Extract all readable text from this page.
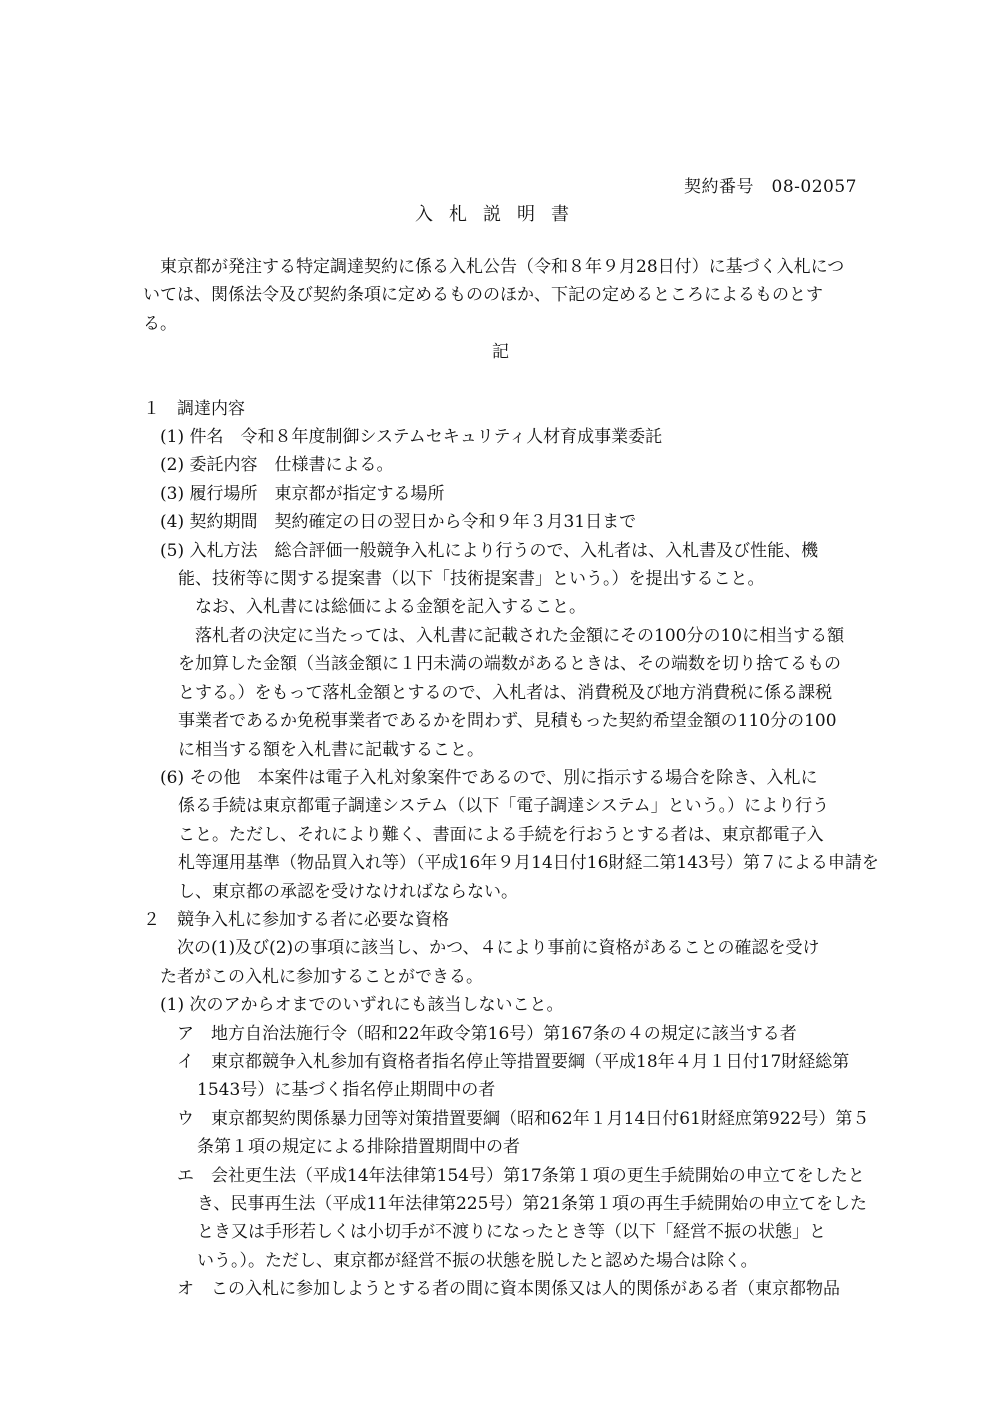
契約番号　08-02057
入札説明書

　東京都が発注する特定調達契約に係る入札公告（令和８年９月28日付）に基づく入札につ

いては、関係法令及び契約条項に定めるもののほか、下記の定めるところによるものとす

る。

記

１　調達内容

(1) 件名　令和８年度制御システムセキュリティ人材育成事業委託

(2) 委託内容　仕様書による。

(3) 履行場所　東京都が指定する場所

(4) 契約期間　契約確定の日の翌日から令和９年３月31日まで

(5) 入札方法　総合評価一般競争入札により行うので、入札者は、入札書及び性能、機

能、技術等に関する提案書（以下「技術提案書」という。）を提出すること。

　なお、入札書には総価による金額を記入すること。

　落札者の決定に当たっては、入札書に記載された金額にその100分の10に相当する額

を加算した金額（当該金額に１円未満の端数があるときは、その端数を切り捨てるもの

とする。）をもって落札金額とするので、入札者は、消費税及び地方消費税に係る課税

事業者であるか免税事業者であるかを問わず、見積もった契約希望金額の110分の100

に相当する額を入札書に記載すること。

(6) その他　本案件は電子入札対象案件であるので、別に指示する場合を除き、入札に

係る手続は東京都電子調達システム（以下「電子調達システム」という。）により行う

こと。ただし、それにより難く、書面による手続を行おうとする者は、東京都電子入

札等運用基準（物品買入れ等）（平成16年９月14日付16財経二第143号）第７による申請を

し、東京都の承認を受けなければならない。

２　競争入札に参加する者に必要な資格

　次の(1)及び(2)の事項に該当し、かつ、４により事前に資格があることの確認を受け

た者がこの入札に参加することができる。

(1) 次のアからオまでのいずれにも該当しないこと。

ア　地方自治法施行令（昭和22年政令第16号）第167条の４の規定に該当する者

イ　東京都競争入札参加有資格者指名停止等措置要綱（平成18年４月１日付17財経総第

1543号）に基づく指名停止期間中の者

ウ　東京都契約関係暴力団等対策措置要綱（昭和62年１月14日付61財経庶第922号）第５

条第１項の規定による排除措置期間中の者

エ　会社更生法（平成14年法律第154号）第17条第１項の更生手続開始の申立てをしたと

き、民事再生法（平成11年法律第225号）第21条第１項の再生手続開始の申立てをした

とき又は手形若しくは小切手が不渡りになったとき等（以下「経営不振の状態」と

いう。）。ただし、東京都が経営不振の状態を脱したと認めた場合は除く。

オ　この入札に参加しようとする者の間に資本関係又は人的関係がある者（東京都物品
